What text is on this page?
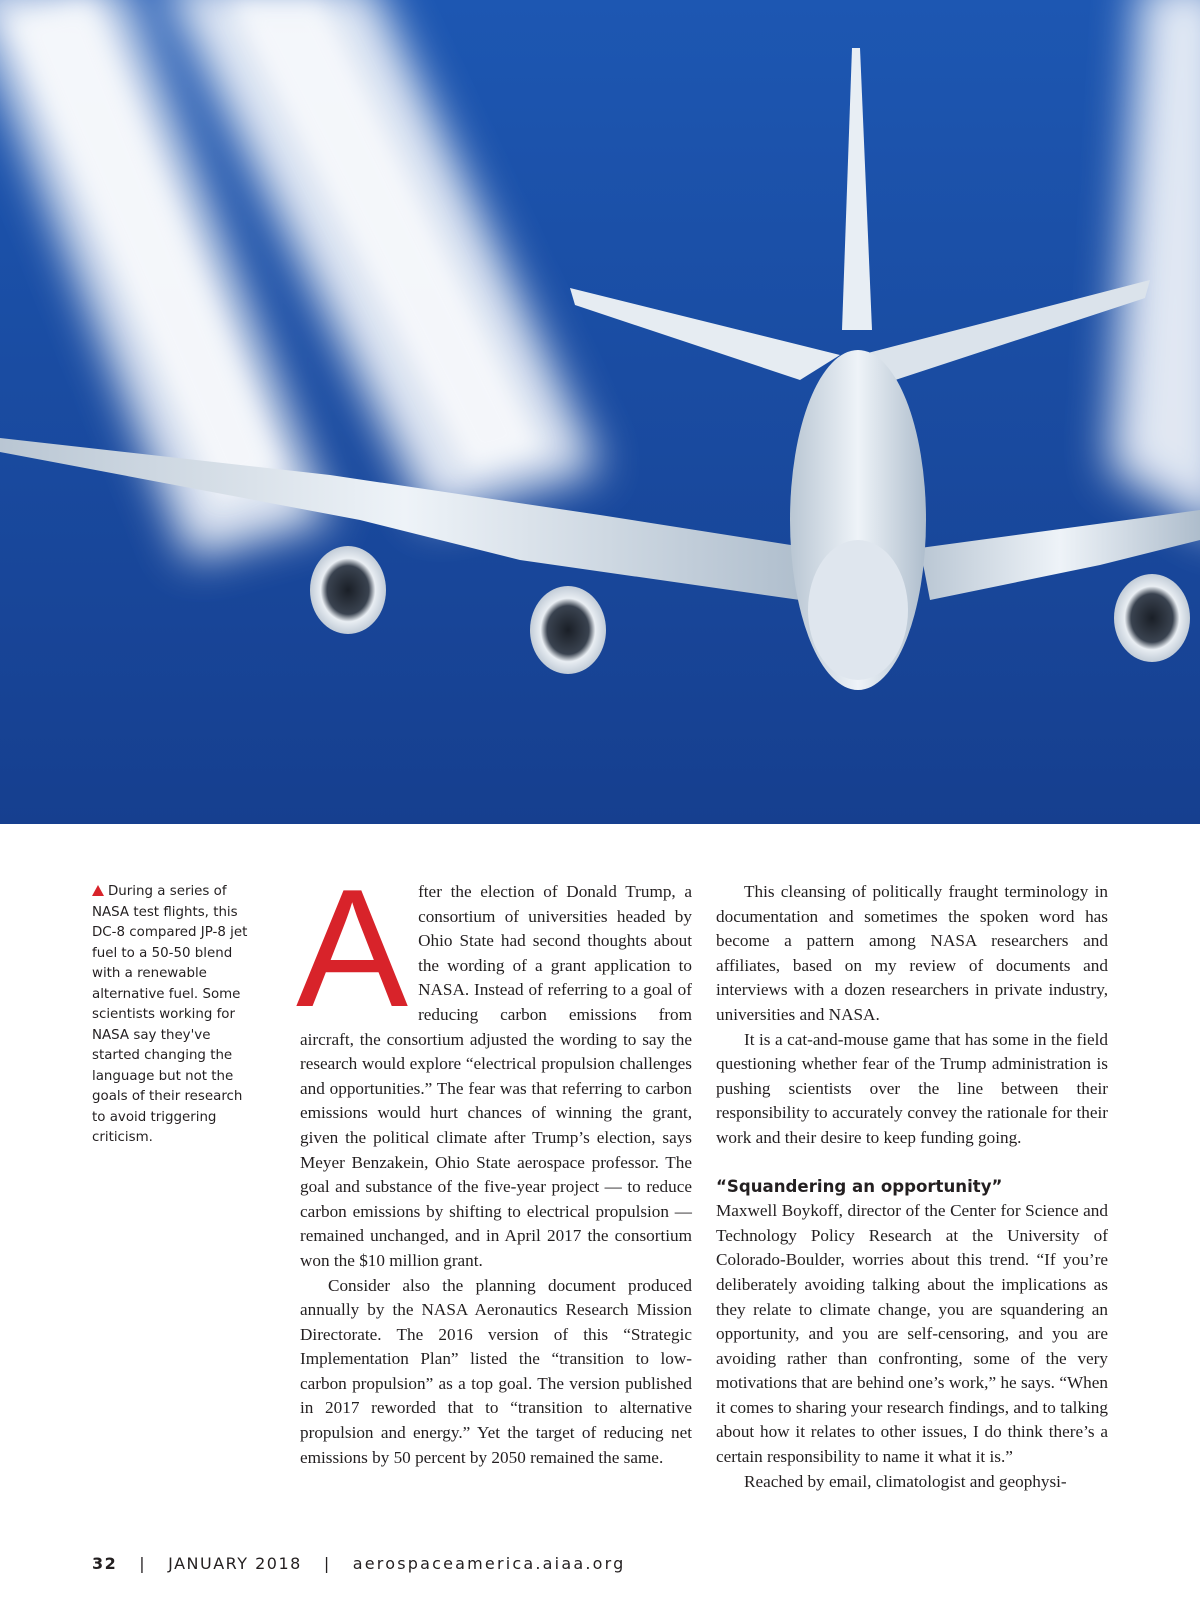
During a series of NASA test flights, this DC-8 compared JP-8 jet fuel to a 50-50 blend with a renewable alternative fuel. Some scientists working for NASA say they've started changing the language but not the goals of their research to avoid triggering criticism.
A fter the election of Donald Trump, a consortium of universities headed by Ohio State had second thoughts about the wording of a grant application to NASA. Instead of referring to a goal of reducing carbon emissions from aircraft, the consortium adjusted the wording to say the research would explore “electrical propulsion challenges and opportunities.” The fear was that referring to carbon emissions would hurt chances of winning the grant, given the political climate after Trump’s election, says Meyer Benzakein, Ohio State aerospace professor. The goal and substance of the five-year project — to reduce carbon emissions by shifting to electrical propulsion — remained unchanged, and in April 2017 the consortium won the $10 million grant.

Consider also the planning document produced annually by the NASA Aeronautics Research Mission Directorate. The 2016 version of this “Strategic Implementation Plan” listed the “transition to low-carbon propulsion” as a top goal. The version published in 2017 reworded that to “transition to alternative propulsion and energy.” Yet the target of reducing net emissions by 50 percent by 2050 remained the same.

This cleansing of politically fraught terminology in documentation and sometimes the spoken word has become a pattern among NASA researchers and affiliates, based on my review of documents and interviews with a dozen researchers in private industry, universities and NASA.

It is a cat-and-mouse game that has some in the field questioning whether fear of the Trump administration is pushing scientists over the line between their responsibility to accurately convey the rationale for their work and their desire to keep funding going.

“Squandering an opportunity”

Maxwell Boykoff, director of the Center for Science and Technology Policy Research at the University of Colorado-Boulder, worries about this trend. “If you’re deliberately avoiding talking about the implications as they relate to climate change, you are squandering an opportunity, and you are self-censoring, and you are avoiding rather than confronting, some of the very motivations that are behind one’s work,” he says. “When it comes to sharing your research findings, and to talking about how it relates to other issues, I do think there’s a certain responsibility to name it what it is.”

Reached by email, climatologist and geophysi-

32 | JANUARY 2018 | aerospaceamerica.aiaa.org
